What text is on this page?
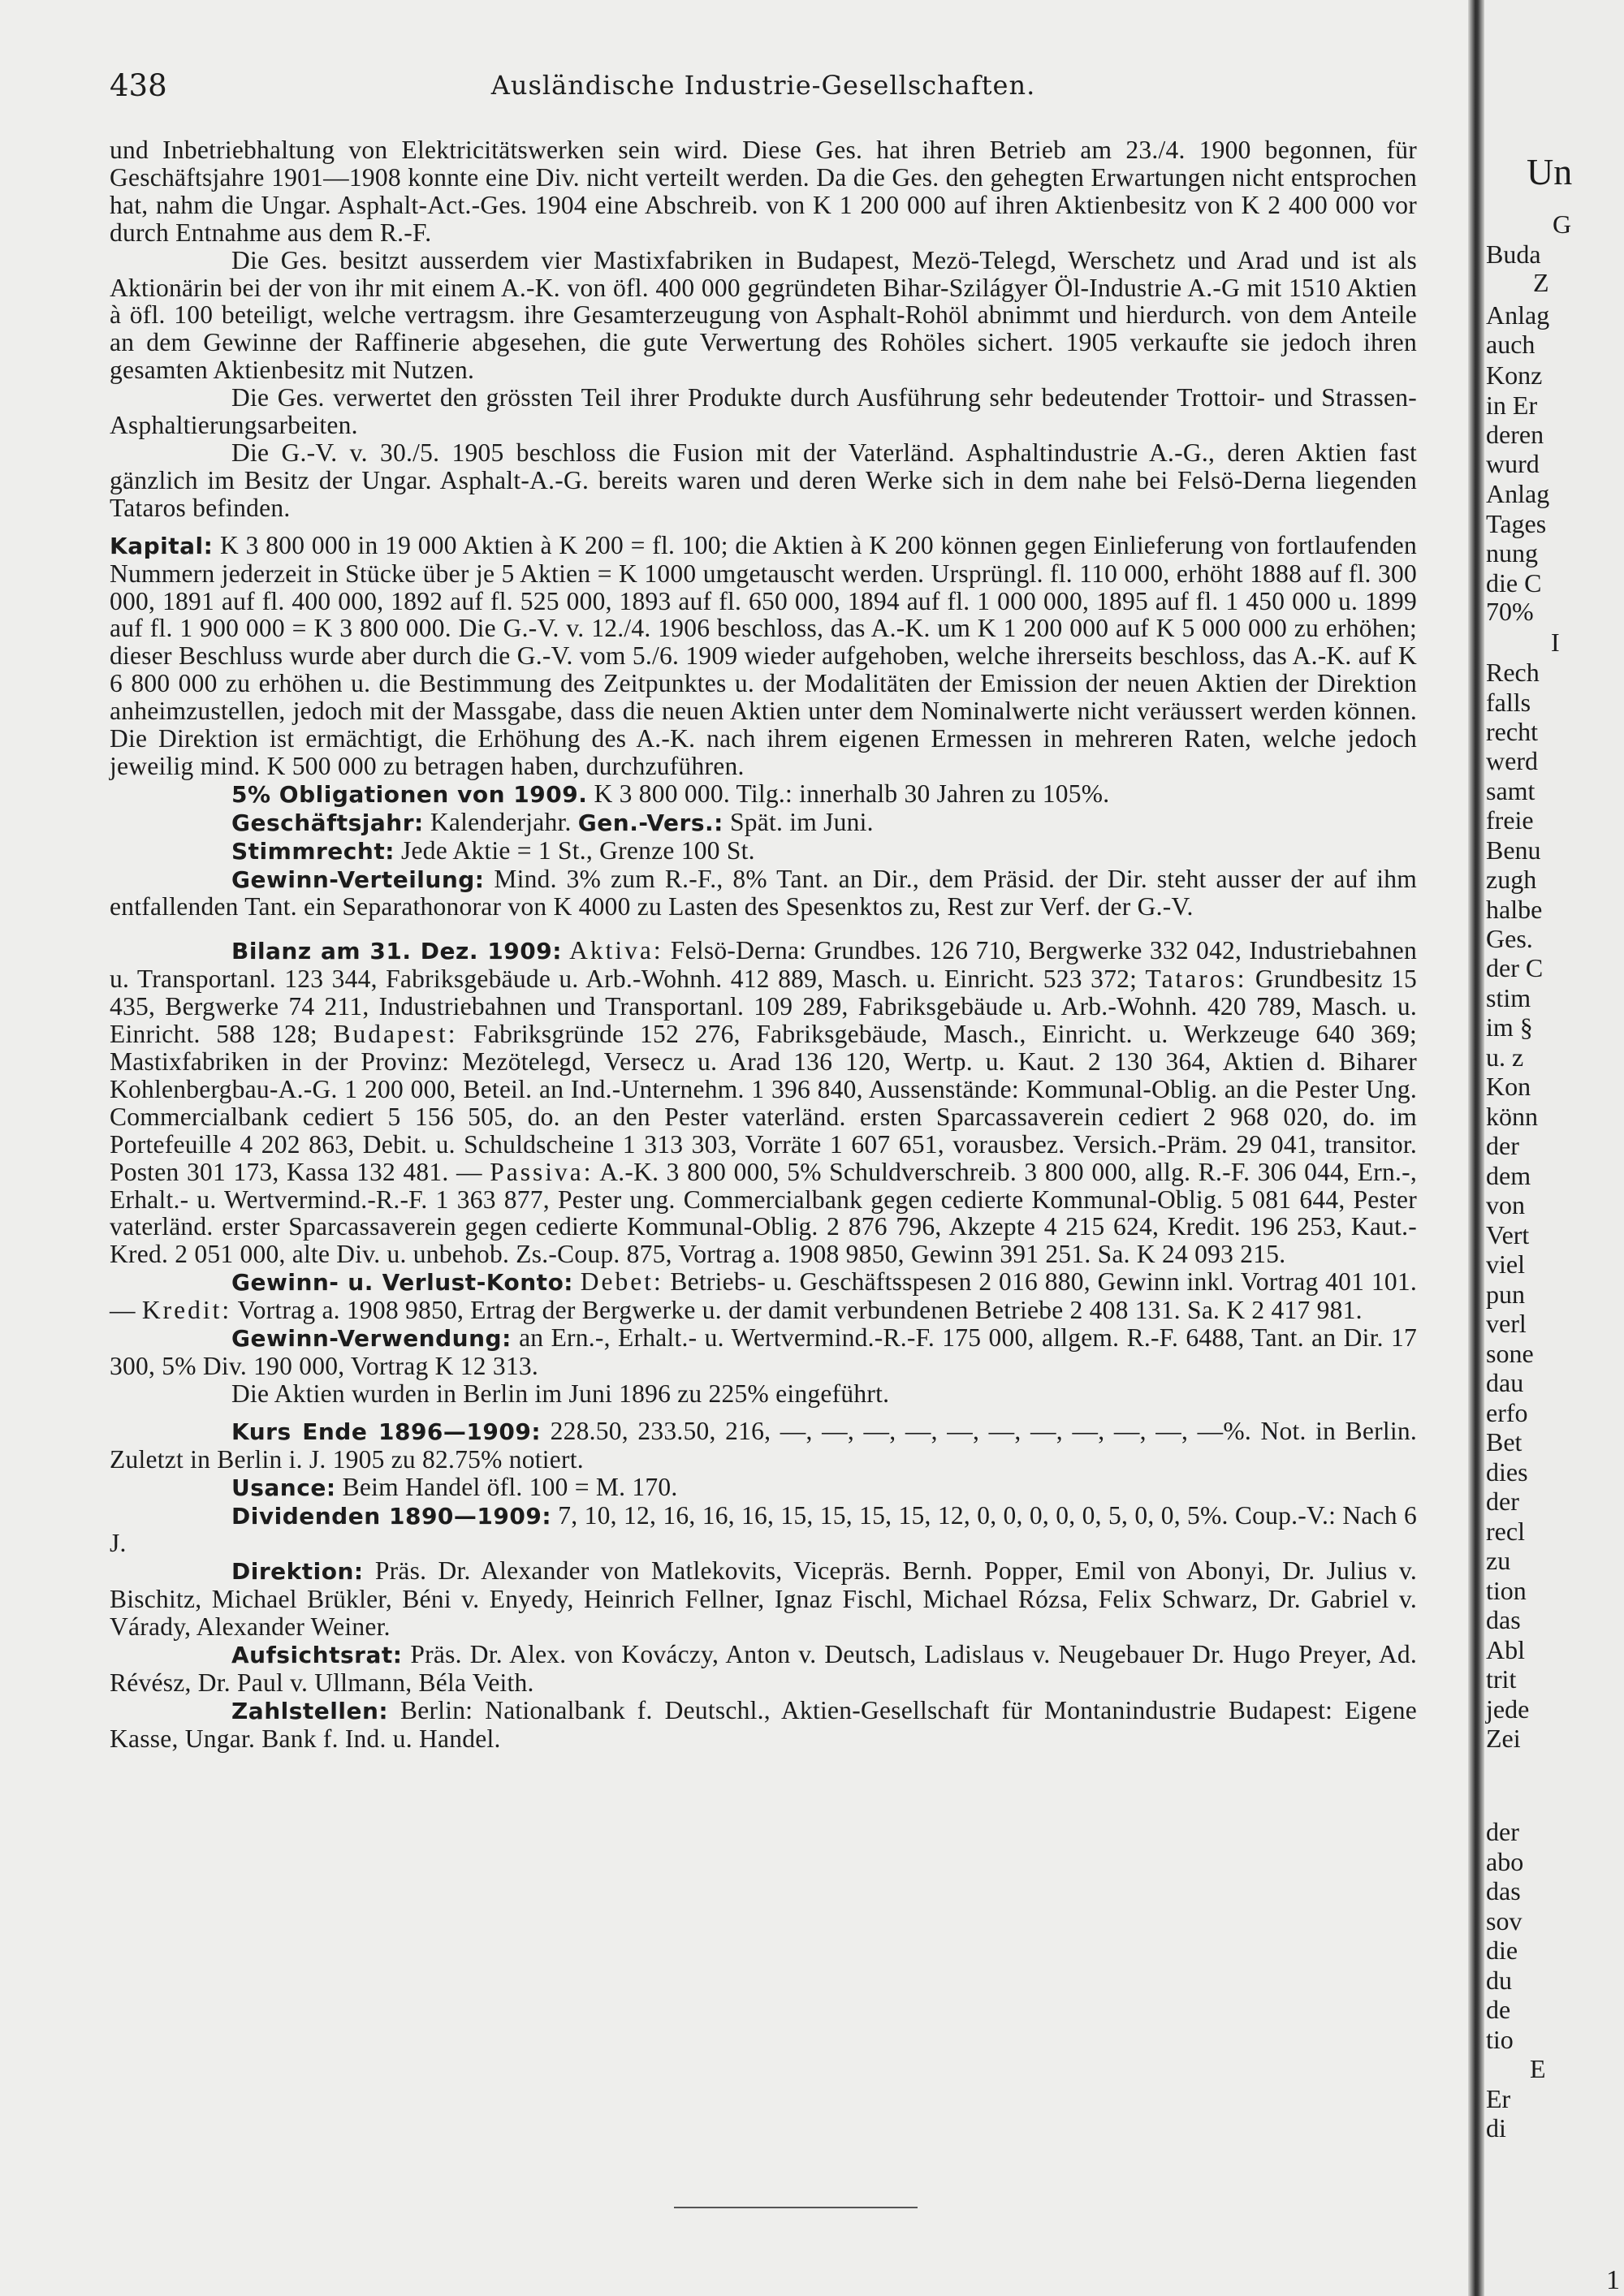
438	Ausländische Industrie-Gesellschaften.

und Inbetriebhaltung von Elektricitätswerken sein wird. Diese Ges. hat ihren Betrieb am 23./4. 1900 begonnen, für Geschäftsjahre 1901—1908 konnte eine Div. nicht verteilt werden. Da die Ges. den gehegten Erwartungen nicht entsprochen hat, nahm die Ungar. Asphalt-Act.-Ges. 1904 eine Abschreib. von K 1 200 000 auf ihren Aktienbesitz von K 2 400 000 vor durch Entnahme aus dem R.-F.

Die Ges. besitzt ausserdem vier Mastixfabriken in Budapest, Mezö-Telegd, Werschetz und Arad und ist als Aktionärin bei der von ihr mit einem A.-K. von öfl. 400 000 gegründeten Bihar-Szilágyer Öl-Industrie A.-G mit 1510 Aktien à öfl. 100 beteiligt, welche vertragsm. ihre Gesamterzeugung von Asphalt-Rohöl abnimmt und hierdurch. von dem Anteile an dem Gewinne der Raffinerie abgesehen, die gute Verwertung des Rohöles sichert. 1905 verkaufte sie jedoch ihren gesamten Aktienbesitz mit Nutzen.

Die Ges. verwertet den grössten Teil ihrer Produkte durch Ausführung sehr bedeutender Trottoir- und Strassen-Asphaltierungsarbeiten.

Die G.-V. v. 30./5. 1905 beschloss die Fusion mit der Vaterländ. Asphaltindustrie A.-G., deren Aktien fast gänzlich im Besitz der Ungar. Asphalt-A.-G. bereits waren und deren Werke sich in dem nahe bei Felsö-Derna liegenden Tataros befinden.

Kapital: K 3 800 000 in 19 000 Aktien à K 200 = fl. 100; die Aktien à K 200 können gegen Einlieferung von fortlaufenden Nummern jederzeit in Stücke über je 5 Aktien = K 1000 umgetauscht werden. Ursprüngl. fl. 110 000, erhöht 1888 auf fl. 300 000, 1891 auf fl. 400 000, 1892 auf fl. 525 000, 1893 auf fl. 650 000, 1894 auf fl. 1 000 000, 1895 auf fl. 1 450 000 u. 1899 auf fl. 1 900 000 = K 3 800 000. Die G.-V. v. 12./4. 1906 beschloss, das A.-K. um K 1 200 000 auf K 5 000 000 zu erhöhen; dieser Beschluss wurde aber durch die G.-V. vom 5./6. 1909 wieder aufgehoben, welche ihrerseits beschloss, das A.-K. auf K 6 800 000 zu erhöhen u. die Bestimmung des Zeitpunktes u. der Modalitäten der Emission der neuen Aktien der Direktion anheimzustellen, jedoch mit der Massgabe, dass die neuen Aktien unter dem Nominalwerte nicht veräussert werden können. Die Direktion ist ermächtigt, die Erhöhung des A.-K. nach ihrem eigenen Ermessen in mehreren Raten, welche jedoch jeweilig mind. K 500 000 zu betragen haben, durchzuführen.

5% Obligationen von 1909. K 3 800 000. Tilg.: innerhalb 30 Jahren zu 105%.

Geschäftsjahr: Kalenderjahr. Gen.-Vers.: Spät. im Juni.

Stimmrecht: Jede Aktie = 1 St., Grenze 100 St.

Gewinn-Verteilung: Mind. 3% zum R.-F., 8% Tant. an Dir., dem Präsid. der Dir. steht ausser der auf ihm entfallenden Tant. ein Separathonorar von K 4000 zu Lasten des Spesenktos zu, Rest zur Verf. der G.-V.

Bilanz am 31. Dez. 1909: Aktiva: Felsö-Derna: Grundbes. 126 710, Bergwerke 332 042, Industriebahnen u. Transportanl. 123 344, Fabriksgebäude u. Arb.-Wohnh. 412 889, Masch. u. Einricht. 523 372; Tataros: Grundbesitz 15 435, Bergwerke 74 211, Industriebahnen und Transportanl. 109 289, Fabriksgebäude u. Arb.-Wohnh. 420 789, Masch. u. Einricht. 588 128; Budapest: Fabriksgründe 152 276, Fabriksgebäude, Masch., Einricht. u. Werkzeuge 640 369; Mastixfabriken in der Provinz: Mezötelegd, Versecz u. Arad 136 120, Wertp. u. Kaut. 2 130 364, Aktien d. Biharer Kohlenbergbau-A.-G. 1 200 000, Beteil. an Ind.-Unternehm. 1 396 840, Aussenstände: Kommunal-Oblig. an die Pester Ung. Commercialbank cediert 5 156 505, do. an den Pester vaterländ. ersten Sparcassaverein cediert 2 968 020, do. im Portefeuille 4 202 863, Debit. u. Schuldscheine 1 313 303, Vorräte 1 607 651, vorausbez. Versich.-Präm. 29 041, transitor. Posten 301 173, Kassa 132 481. — Passiva: A.-K. 3 800 000, 5% Schuldverschreib. 3 800 000, allg. R.-F. 306 044, Ern.-, Erhalt.- u. Wertvermind.-R.-F. 1 363 877, Pester ung. Commercialbank gegen cedierte Kommunal-Oblig. 5 081 644, Pester vaterländ. erster Sparcassaverein gegen cedierte Kommunal-Oblig. 2 876 796, Akzepte 4 215 624, Kredit. 196 253, Kaut.-Kred. 2 051 000, alte Div. u. unbehob. Zs.-Coup. 875, Vortrag a. 1908 9850, Gewinn 391 251. Sa. K 24 093 215.

Gewinn- u. Verlust-Konto: Debet: Betriebs- u. Geschäftsspesen 2 016 880, Gewinn inkl. Vortrag 401 101. — Kredit: Vortrag a. 1908 9850, Ertrag der Bergwerke u. der damit verbundenen Betriebe 2 408 131. Sa. K 2 417 981.

Gewinn-Verwendung: an Ern.-, Erhalt.- u. Wertvermind.-R.-F. 175 000, allgem. R.-F. 6488, Tant. an Dir. 17 300, 5% Div. 190 000, Vortrag K 12 313.

Die Aktien wurden in Berlin im Juni 1896 zu 225% eingeführt.

Kurs Ende 1896—1909: 228.50, 233.50, 216, —, —, —, —, —, —, —, —, —, —, —%. Not. in Berlin. Zuletzt in Berlin i. J. 1905 zu 82.75% notiert.

Usance: Beim Handel öfl. 100 = M. 170.

Dividenden 1890—1909: 7, 10, 12, 16, 16, 16, 15, 15, 15, 15, 12, 0, 0, 0, 0, 0, 5, 0, 0, 5%. Coup.-V.: Nach 6 J.

Direktion: Präs. Dr. Alexander von Matlekovits, Vicepräs. Bernh. Popper, Emil von Abonyi, Dr. Julius v. Bischitz, Michael Brükler, Béni v. Enyedy, Heinrich Fellner, Ignaz Fischl, Michael Rózsa, Felix Schwarz, Dr. Gabriel v. Várady, Alexander Weiner.

Aufsichtsrat: Präs. Dr. Alex. von Kováczy, Anton v. Deutsch, Ladislaus v. Neugebauer Dr. Hugo Preyer, Ad. Révész, Dr. Paul v. Ullmann, Béla Veith.

Zahlstellen: Berlin: Nationalbank f. Deutschl., Aktien-Gesellschaft für Montanindustrie Budapest: Eigene Kasse, Ungar. Bank f. Ind. u. Handel.

Un
G
Buda
Z
Anlag
auch
Konz
in Er
deren
wurd
Anlag
Tages
nung
die C
70%
I
Rech
falls
recht
werd
samt
freie
Benu
zugh
halbe
Ges.
der C
stim
im §
u. z
Kon
könn
der
dem
von
Vert
viel
pun
verl
sone
dau
erfo
Bet
dies
der
recl
zu
tion
das
Abl
trit
jede
Zei
der
abo
das
sov
die
du
de
tio
E
Er
di
1
